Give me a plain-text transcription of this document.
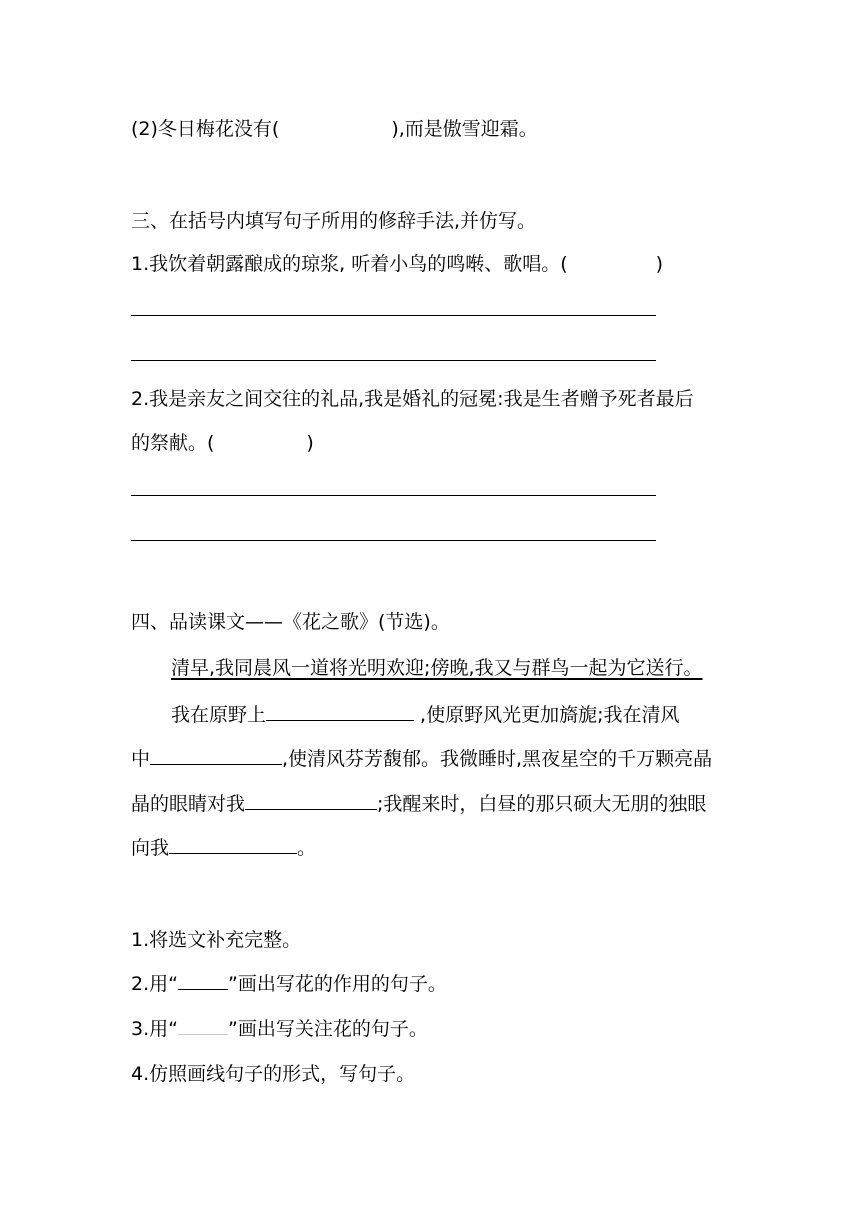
(2)冬日梅花没有(	),而是傲雪迎霜。
三、在括号内填写句子所用的修辞手法,并仿写。
1.我饮着朝露酿成的琼浆, 听着小鸟的鸣啭、歌唱。(	)
2.我是亲友之间交往的礼品,我是婚礼的冠冕:我是生者赠予死者最后
的祭献。(	)
四、品读课文——《花之歌》(节选)。
清早,我同晨风一道将光明欢迎;傍晚,我又与群鸟一起为它送行。
我在原野上	,使原野风光更加旖旎;我在清风
中	,使清风芬芳馥郁。我微睡时,黑夜星空的千万颗亮晶
晶的眼睛对我	;我醒来时，白昼的那只硕大无朋的独眼
向我	。
1.将选文补充完整。
2.用“	”画出写花的作用的句子。
3.用“	”画出写关注花的句子。
4.仿照画线句子的形式，写句子。
